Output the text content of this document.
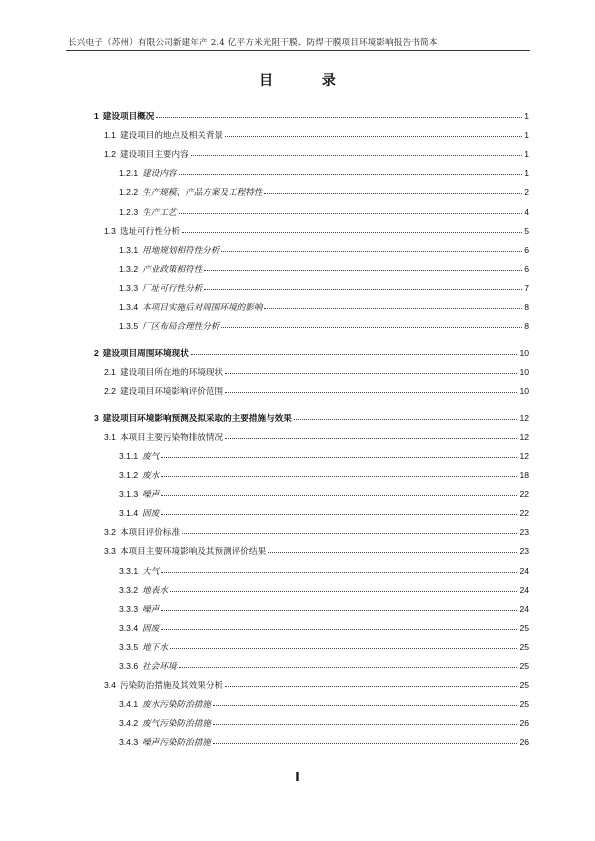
长兴电子（苏州）有限公司新建年产 2.4 亿平方米光阻干膜、防焊干膜项目环境影响报告书简本
目 录
1 建设项目概况	1
1.1 建设项目的地点及相关背景	1
1.2 建设项目主要内容	1
1.2.1 建设内容	1
1.2.2 生产规模、产品方案及工程特性	2
1.2.3 生产工艺	4
1.3 选址可行性分析	5
1.3.1 用地规划相符性分析	6
1.3.2 产业政策相符性	6
1.3.3 厂址可行性分析	7
1.3.4 本项目实施后对周围环境的影响	8
1.3.5 厂区布局合理性分析	8
2 建设项目周围环境现状	10
2.1 建设项目所在地的环境现状	10
2.2 建设项目环境影响评价范围	10
3 建设项目环境影响预测及拟采取的主要措施与效果	12
3.1 本项目主要污染物排放情况	12
3.1.1 废气	12
3.1.2 废水	18
3.1.3 噪声	22
3.1.4 固废	22
3.2 本项目评价标准	23
3.3 本项目主要环境影响及其预测评价结果	23
3.3.1 大气	24
3.3.2 地表水	24
3.3.3 噪声	24
3.3.4 固废	25
3.3.5 地下水	25
3.3.6 社会环境	25
3.4 污染防治措施及其效果分析	25
3.4.1 废水污染防治措施	25
3.4.2 废气污染防治措施	26
3.4.3 噪声污染防治措施	26
I
